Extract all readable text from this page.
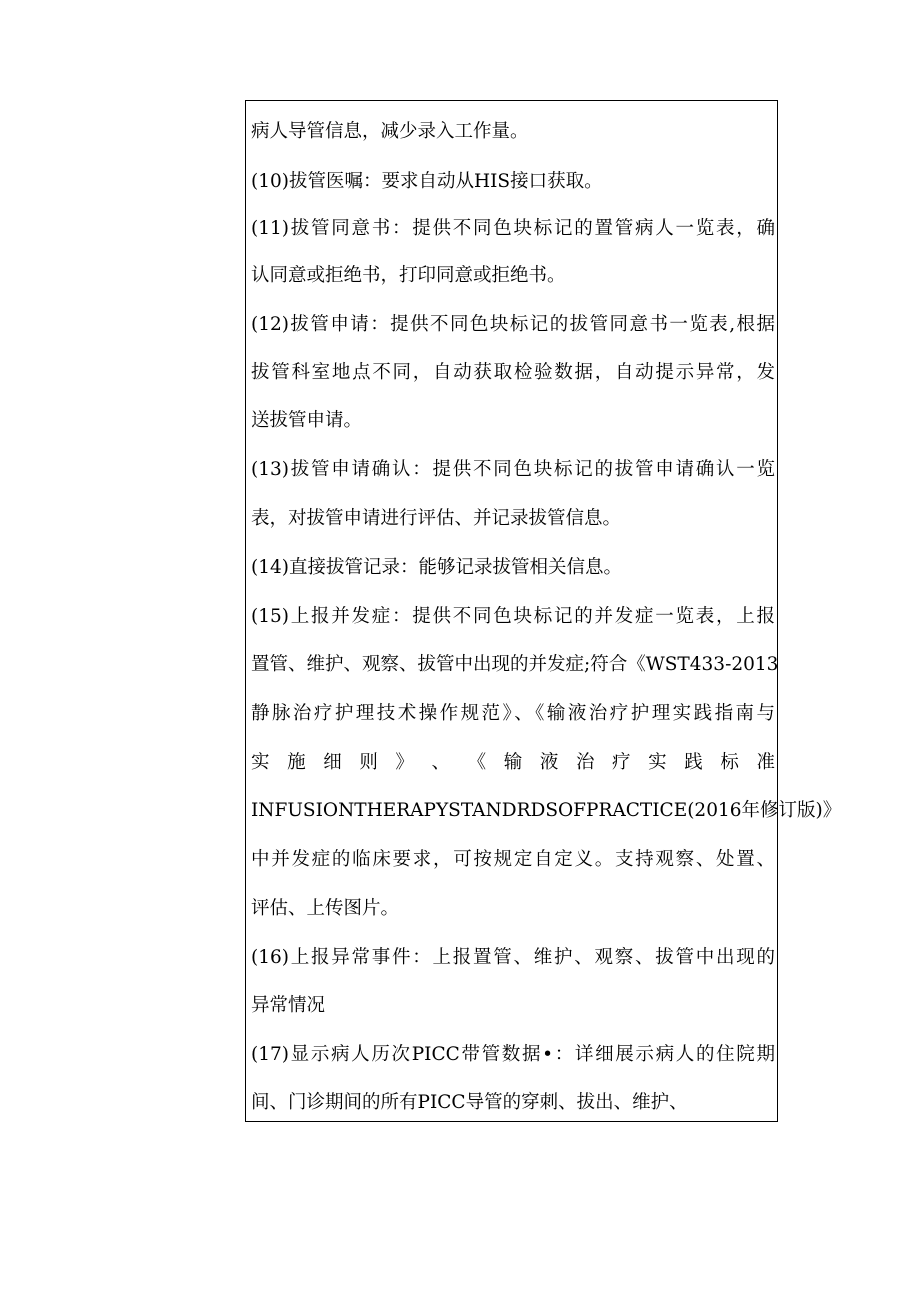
病人导管信息，减少录入工作量。
(10)拔管医嘱：要求自动从HIS接口获取。
(11)拔管同意书：提供不同色块标记的置管病人一览表，确
认同意或拒绝书，打印同意或拒绝书。
(12)拔管申请：提供不同色块标记的拔管同意书一览表,根据
拔管科室地点不同，自动获取检验数据，自动提示异常，发
送拔管申请。
(13)拔管申请确认：提供不同色块标记的拔管申请确认一览
表，对拔管申请进行评估、并记录拔管信息。
(14)直接拔管记录：能够记录拔管相关信息。
(15)上报并发症：提供不同色块标记的并发症一览表，上报
置管、维护、观察、拔管中出现的并发症;符合《WST433-2013
静脉治疗护理技术操作规范》、《输液治疗护理实践指南与
实 施 细 则 》 、 《 输 液 治 疗 实 践 标 准
INFUSIONTHERAPYSTANDRDSOFPRACTICE(2016年修订版)》
中并发症的临床要求，可按规定自定义。支持观察、处置、
评估、上传图片。
(16)上报异常事件：上报置管、维护、观察、拔管中出现的
异常情况
(17)显示病人历次PICC带管数据•：详细展示病人的住院期
间、门诊期间的所有PICC导管的穿刺、拔出、维护、
